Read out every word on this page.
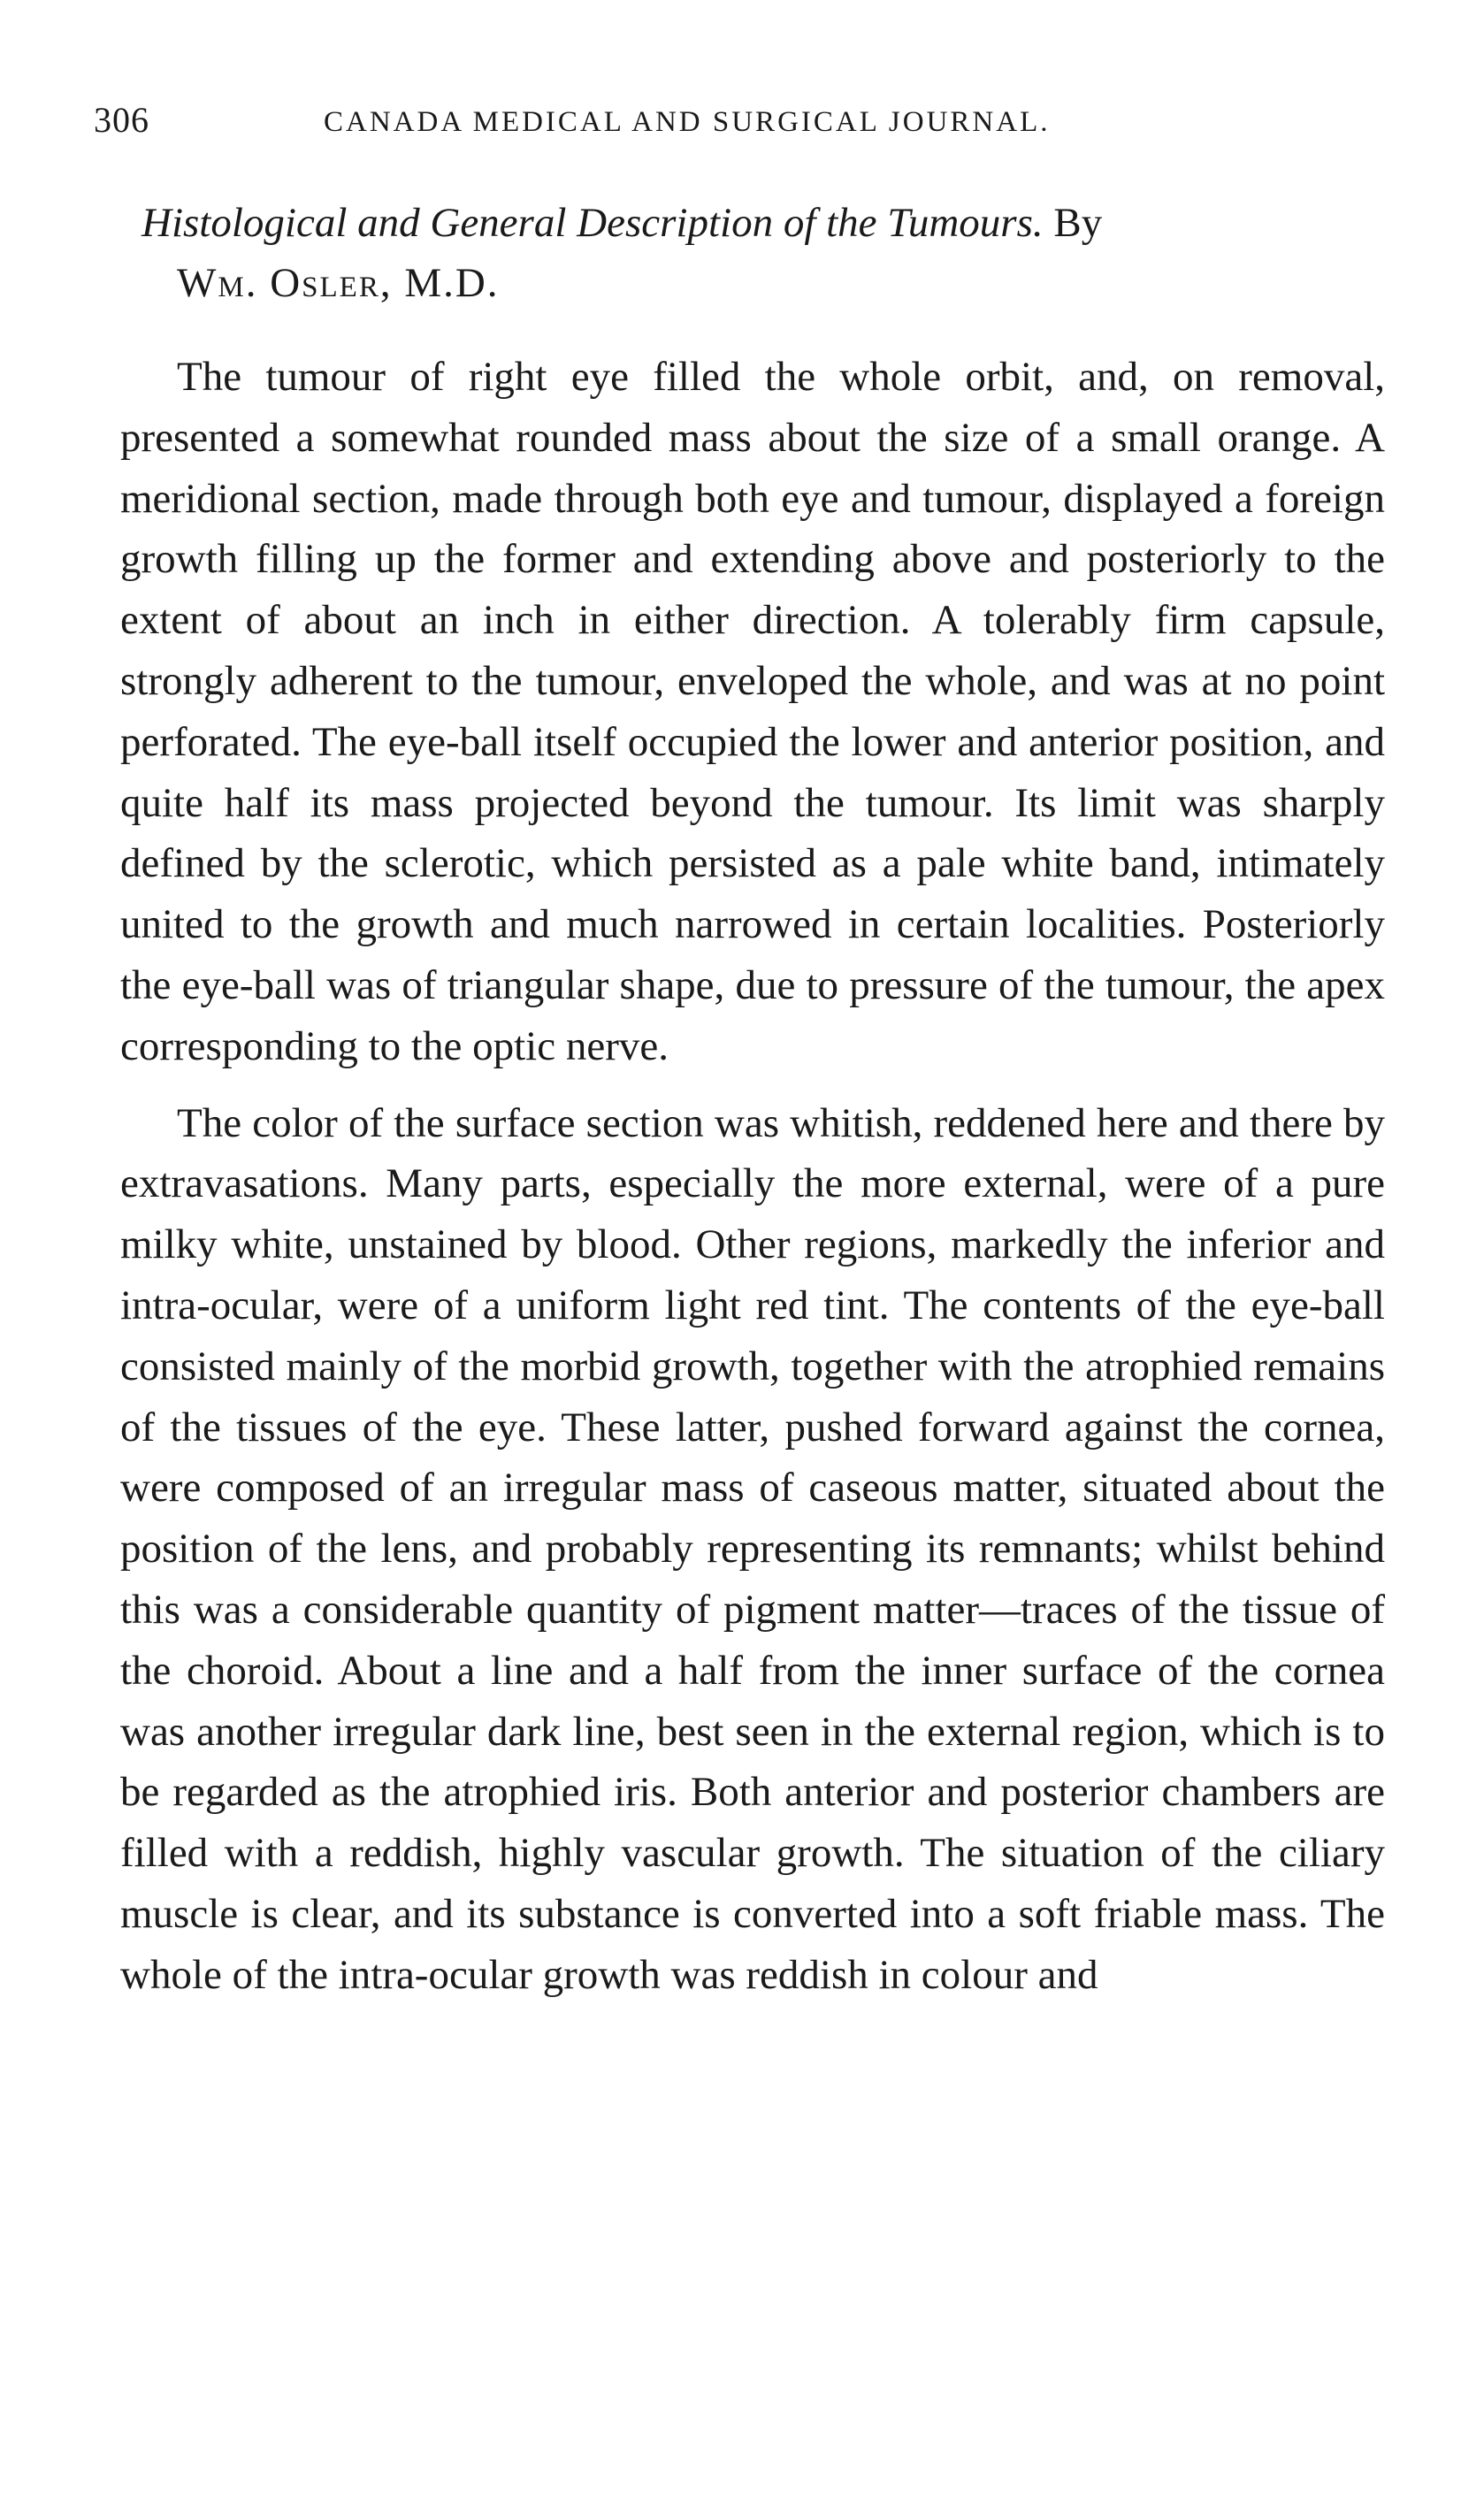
306	CANADA MEDICAL AND SURGICAL JOURNAL.
Histological and General Description of the Tumours. By
Wm. Osler, M.D.

The tumour of right eye filled the whole orbit, and, on removal, presented a somewhat rounded mass about the size of a small orange. A meridional section, made through both eye and tumour, displayed a foreign growth filling up the former and extending above and posteriorly to the extent of about an inch in either direction. A tolerably firm capsule, strongly adherent to the tumour, enveloped the whole, and was at no point perforated. The eye-ball itself occupied the lower and anterior position, and quite half its mass projected beyond the tumour. Its limit was sharply defined by the sclerotic, which persisted as a pale white band, intimately united to the growth and much narrowed in certain localities. Posteriorly the eye-ball was of triangular shape, due to pressure of the tumour, the apex corresponding to the optic nerve.

The color of the surface section was whitish, reddened here and there by extravasations. Many parts, especially the more external, were of a pure milky white, unstained by blood. Other regions, markedly the inferior and intra-ocular, were of a uniform light red tint. The contents of the eye-ball consisted mainly of the morbid growth, together with the atrophied remains of the tissues of the eye. These latter, pushed forward against the cornea, were composed of an irregular mass of caseous matter, situated about the position of the lens, and probably representing its remnants; whilst behind this was a considerable quantity of pigment matter—traces of the tissue of the choroid. About a line and a half from the inner surface of the cornea was another irregular dark line, best seen in the external region, which is to be regarded as the atrophied iris. Both anterior and posterior chambers are filled with a reddish, highly vascular growth. The situation of the ciliary muscle is clear, and its substance is converted into a soft friable mass. The whole of the intra-ocular growth was reddish in colour and
